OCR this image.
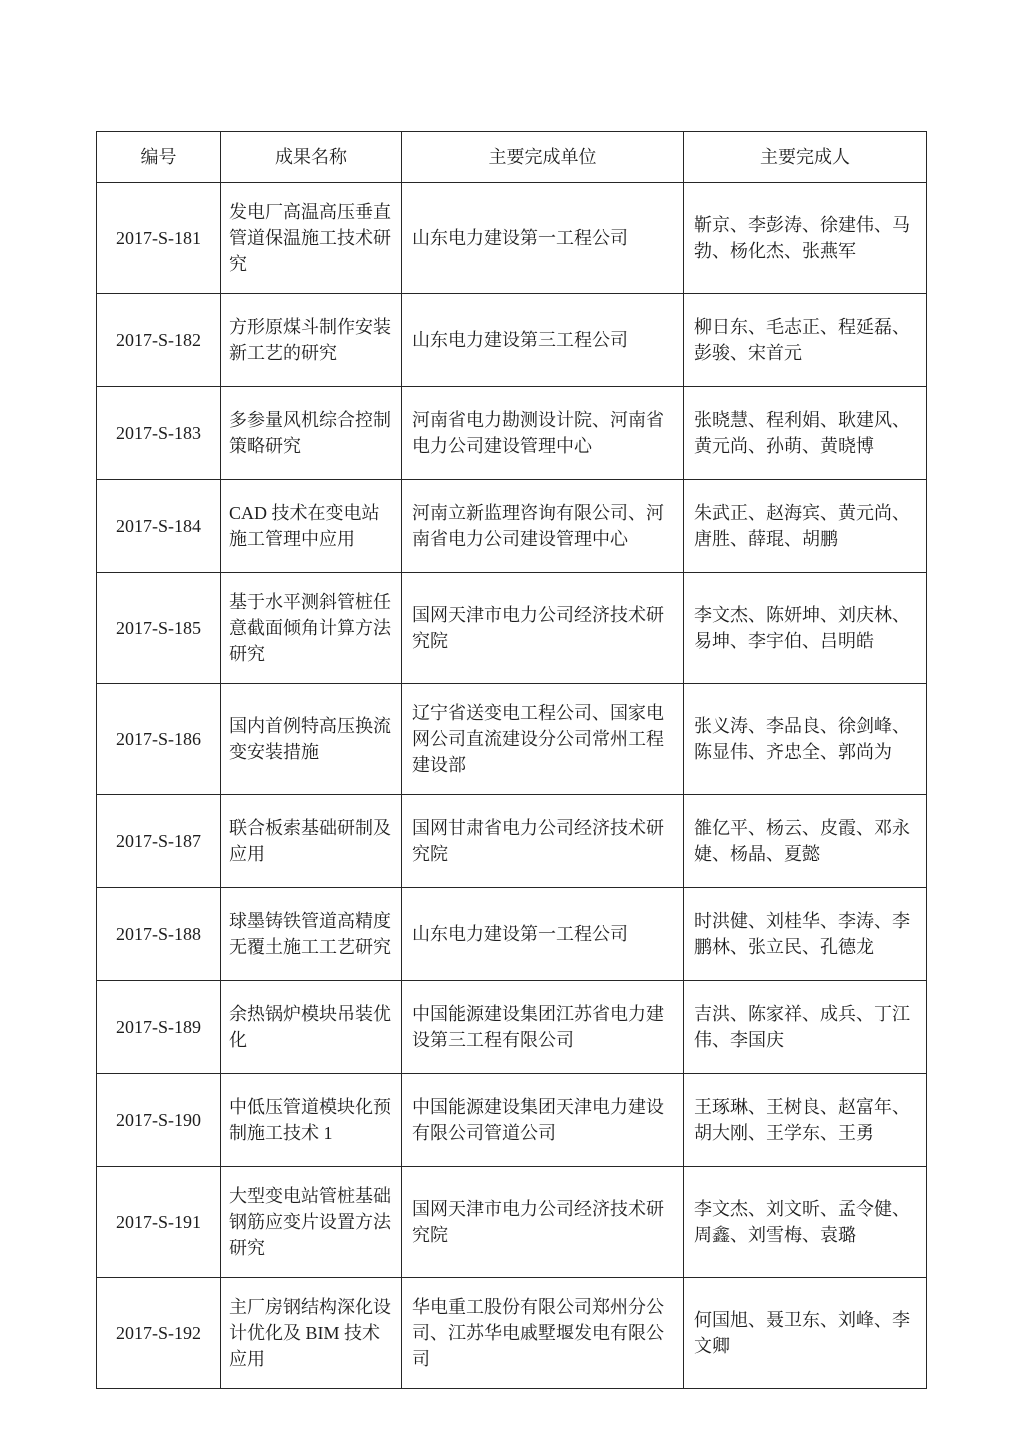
编号	成果名称	主要完成单位	主要完成人
2017-S-181	发电厂高温高压垂直管道保温施工技术研究	山东电力建设第一工程公司	靳京、李彭涛、徐建伟、马勃、杨化杰、张燕军
2017-S-182	方形原煤斗制作安装新工艺的研究	山东电力建设第三工程公司	柳日东、毛志正、程延磊、彭骏、宋首元
2017-S-183	多参量风机综合控制策略研究	河南省电力勘测设计院、河南省电力公司建设管理中心	张晓慧、程利娟、耿建风、黄元尚、孙萌、黄晓博
2017-S-184	CAD 技术在变电站施工管理中应用	河南立新监理咨询有限公司、河南省电力公司建设管理中心	朱武正、赵海宾、黄元尚、唐胜、薛琨、胡鹏
2017-S-185	基于水平测斜管桩任意截面倾角计算方法研究	国网天津市电力公司经济技术研究院	李文杰、陈妍坤、刘庆林、易坤、李宇伯、吕明皓
2017-S-186	国内首例特高压换流变安装措施	辽宁省送变电工程公司、国家电网公司直流建设分公司常州工程建设部	张义涛、李品良、徐剑峰、陈显伟、齐忠全、郭尚为
2017-S-187	联合板索基础研制及应用	国网甘肃省电力公司经济技术研究院	雒亿平、杨云、皮霞、邓永婕、杨晶、夏懿
2017-S-188	球墨铸铁管道高精度无覆土施工工艺研究	山东电力建设第一工程公司	时洪健、刘桂华、李涛、李鹏林、张立民、孔德龙
2017-S-189	余热锅炉模块吊装优化	中国能源建设集团江苏省电力建设第三工程有限公司	吉洪、陈家祥、成兵、丁江伟、李国庆
2017-S-190	中低压管道模块化预制施工技术 1	中国能源建设集团天津电力建设有限公司管道公司	王琢琳、王树良、赵富年、胡大刚、王学东、王勇
2017-S-191	大型变电站管桩基础钢筋应变片设置方法研究	国网天津市电力公司经济技术研究院	李文杰、刘文昕、孟令健、周鑫、刘雪梅、袁璐
2017-S-192	主厂房钢结构深化设计优化及 BIM 技术应用	华电重工股份有限公司郑州分公司、江苏华电戚墅堰发电有限公司	何国旭、聂卫东、刘峰、李文卿
